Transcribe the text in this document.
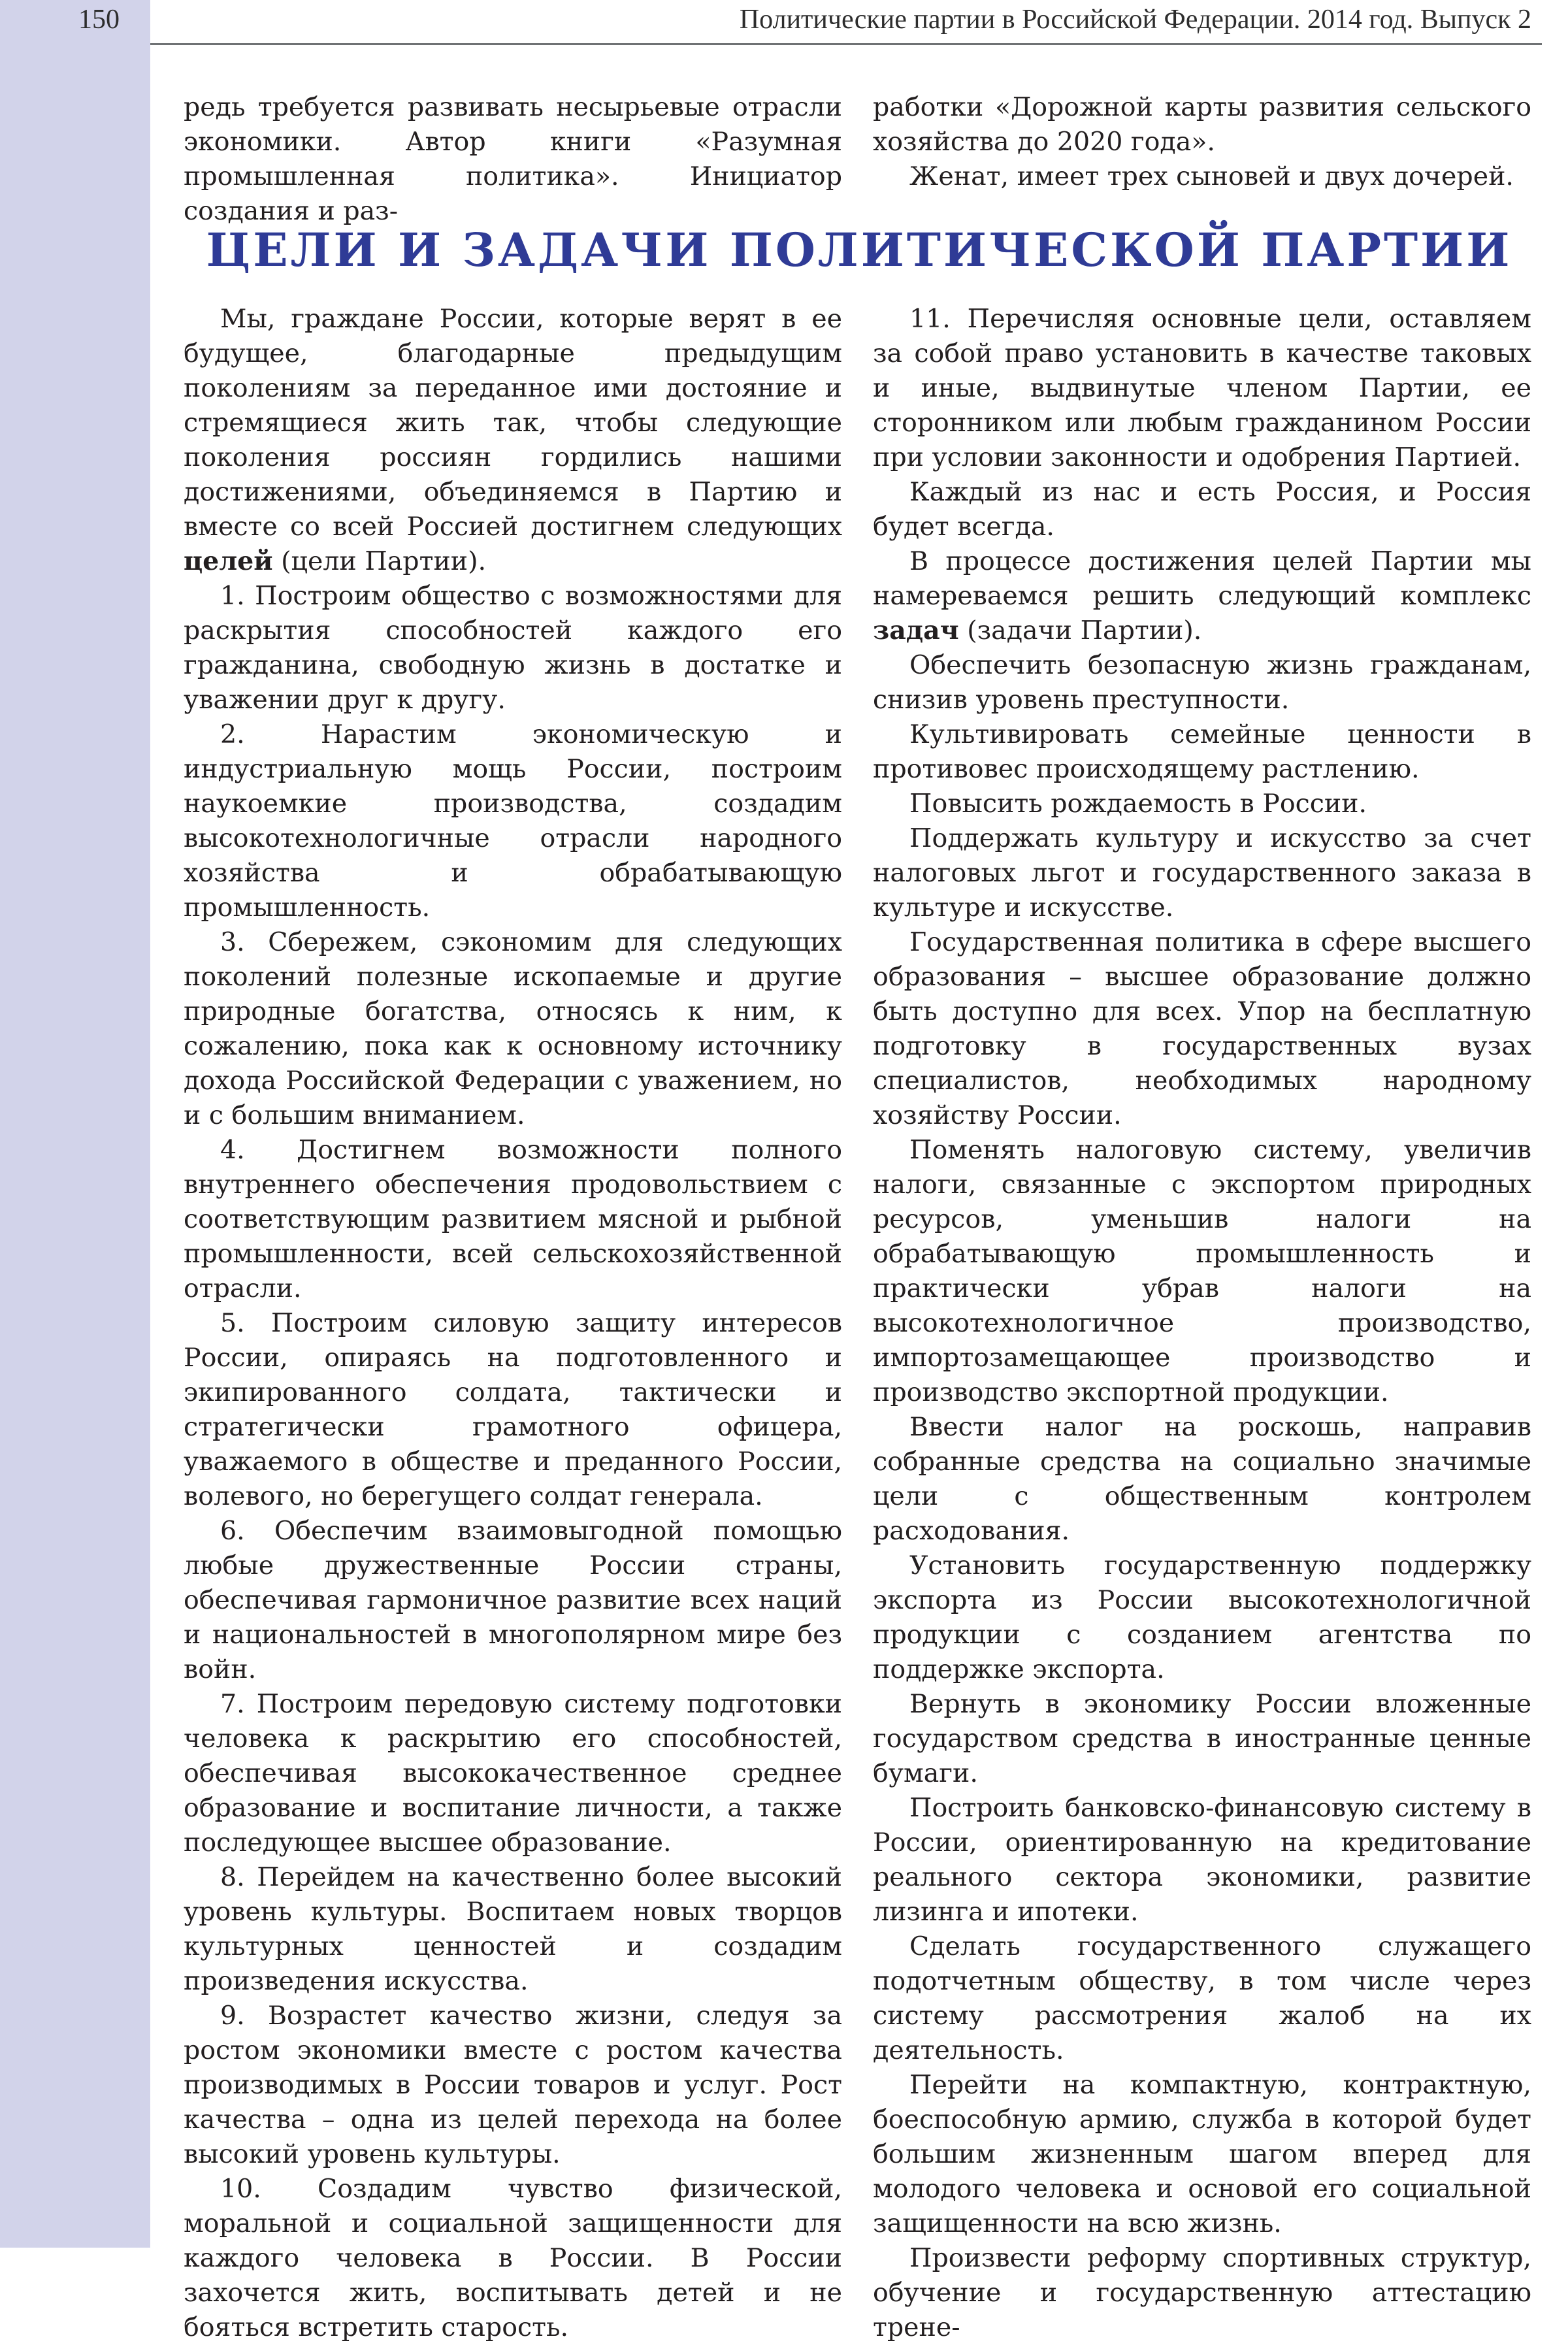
150	Политические партии в Российской Федерации. 2014 год. Выпуск 2

редь требуется развивать несырьевые отрасли экономики. Автор книги «Разумная промышленная политика». Инициатор создания и раз-

работки «Дорожной карты развития сельского хозяйства до 2020 года».

Женат, имеет трех сыновей и двух дочерей.

ЦЕЛИ И ЗАДАЧИ ПОЛИТИЧЕСКОЙ ПАРТИИ

Мы, граждане России, которые верят в ее будущее, благодарные предыдущим поколениям за переданное ими достояние и стремящиеся жить так, чтобы следующие поколения россиян гордились нашими достижениями, объединяемся в Партию и вместе со всей Россией достигнем следующих целей (цели Партии).

1. Построим общество с возможностями для раскрытия способностей каждого его гражданина, свободную жизнь в достатке и уважении друг к другу.

2. Нарастим экономическую и индустриальную мощь России, построим наукоемкие производства, создадим высокотехнологичные отрасли народного хозяйства и обрабатывающую промышленность.

3. Сбережем, сэкономим для следующих поколений полезные ископаемые и другие природные богатства, относясь к ним, к сожалению, пока как к основному источнику дохода Российской Федерации с уважением, но и с большим вниманием.

4. Достигнем возможности полного внутреннего обеспечения продовольствием с соответствующим развитием мясной и рыбной промышленности, всей сельскохозяйственной отрасли.

5. Построим силовую защиту интересов России, опираясь на подготовленного и экипированного солдата, тактически и стратегически грамотного офицера, уважаемого в обществе и преданного России, волевого, но берегущего солдат генерала.

6. Обеспечим взаимовыгодной помощью любые дружественные России страны, обеспечивая гармоничное развитие всех наций и национальностей в многополярном мире без войн.

7. Построим передовую систему подготовки человека к раскрытию его способностей, обеспечивая высококачественное среднее образование и воспитание личности, а также последующее высшее образование.

8. Перейдем на качественно более высокий уровень культуры. Воспитаем новых творцов культурных ценностей и создадим произведения искусства.

9. Возрастет качество жизни, следуя за ростом экономики вместе с ростом качества производимых в России товаров и услуг. Рост качества – одна из целей перехода на более высокий уровень культуры.

10. Создадим чувство физической, моральной и социальной защищенности для каждого человека в России. В России захочется жить, воспитывать детей и не бояться встретить старость.

11. Перечисляя основные цели, оставляем за собой право установить в качестве таковых и иные, выдвинутые членом Партии, ее сторонником или любым гражданином России при условии законности и одобрения Партией.

Каждый из нас и есть Россия, и Россия будет всегда.

В процессе достижения целей Партии мы намереваемся решить следующий комплекс задач (задачи Партии).

Обеспечить безопасную жизнь гражданам, снизив уровень преступности.

Культивировать семейные ценности в противовес происходящему растлению.

Повысить рождаемость в России.

Поддержать культуру и искусство за счет налоговых льгот и государственного заказа в культуре и искусстве.

Государственная политика в сфере высшего образования – высшее образование должно быть доступно для всех. Упор на бесплатную подготовку в государственных вузах специалистов, необходимых народному хозяйству России.

Поменять налоговую систему, увеличив налоги, связанные с экспортом природных ресурсов, уменьшив налоги на обрабатывающую промышленность и практически убрав налоги на высокотехнологичное производство, импортозамещающее производство и производство экспортной продукции.

Ввести налог на роскошь, направив собранные средства на социально значимые цели с общественным контролем расходования.

Установить государственную поддержку экспорта из России высокотехнологичной продукции с созданием агентства по поддержке экспорта.

Вернуть в экономику России вложенные государством средства в иностранные ценные бумаги.

Построить банковско-финансовую систему в России, ориентированную на кредитование реального сектора экономики, развитие лизинга и ипотеки.

Сделать государственного служащего подотчетным обществу, в том числе через систему рассмотрения жалоб на их деятельность.

Перейти на компактную, контрактную, боеспособную армию, служба в которой будет большим жизненным шагом вперед для молодого человека и основой его социальной защищенности на всю жизнь.

Произвести реформу спортивных структур, обучение и государственную аттестацию трене-
